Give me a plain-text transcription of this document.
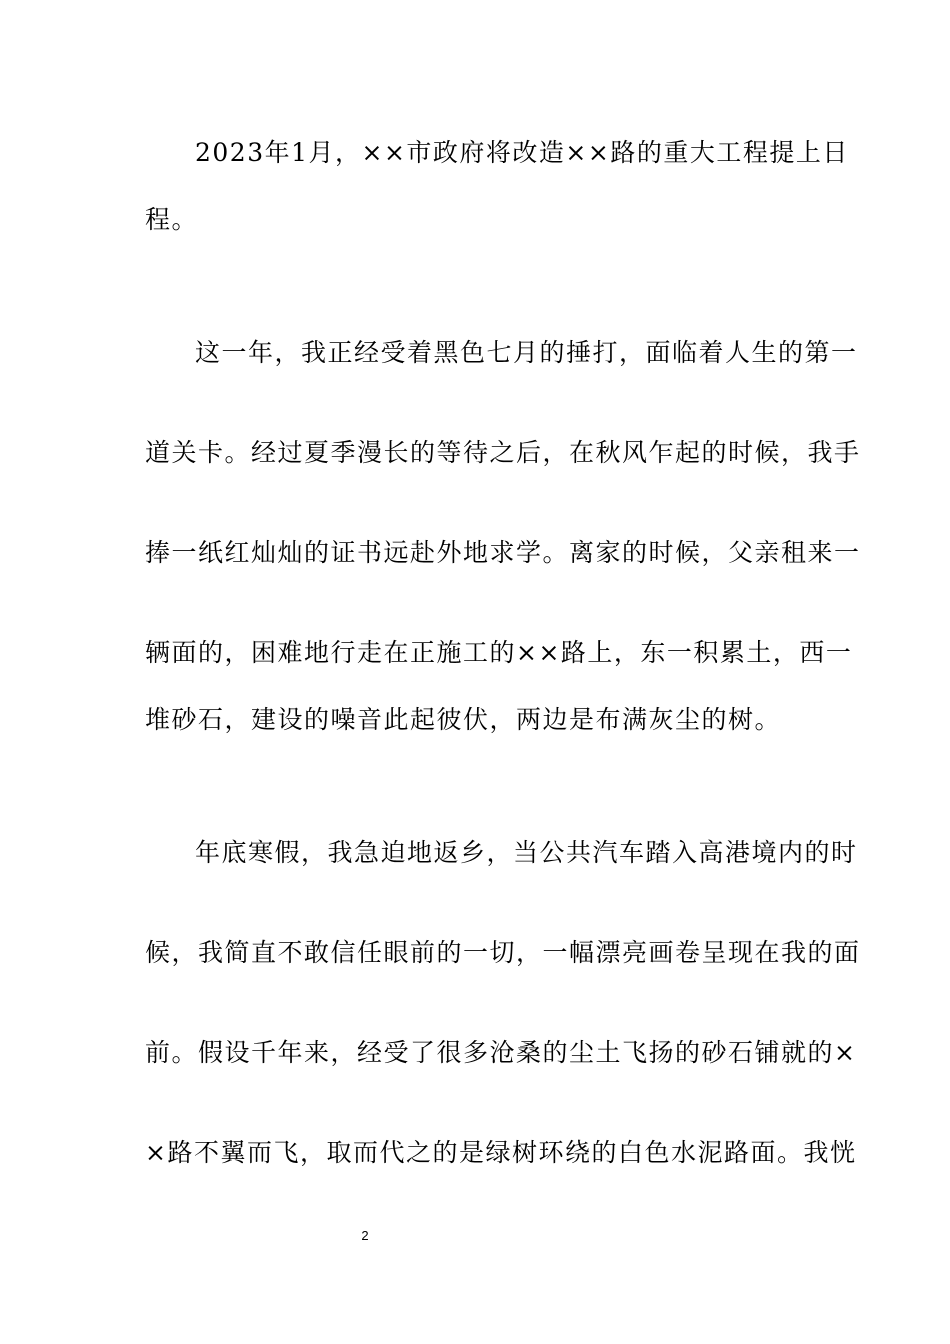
2023年1月，××市政府将改造××路的重大工程提上日
程。
这一年，我正经受着黑色七月的捶打，面临着人生的第一
道关卡。经过夏季漫长的等待之后，在秋风乍起的时候，我手
捧一纸红灿灿的证书远赴外地求学。离家的时候，父亲租来一
辆面的，困难地行走在正施工的××路上，东一积累土，西一
堆砂石，建设的噪音此起彼伏，两边是布满灰尘的树。
年底寒假，我急迫地返乡，当公共汽车踏入高港境内的时
候，我简直不敢信任眼前的一切，一幅漂亮画卷呈现在我的面
前。假设千年来，经受了很多沧桑的尘土飞扬的砂石铺就的×
×路不翼而飞，取而代之的是绿树环绕的白色水泥路面。我恍
2
